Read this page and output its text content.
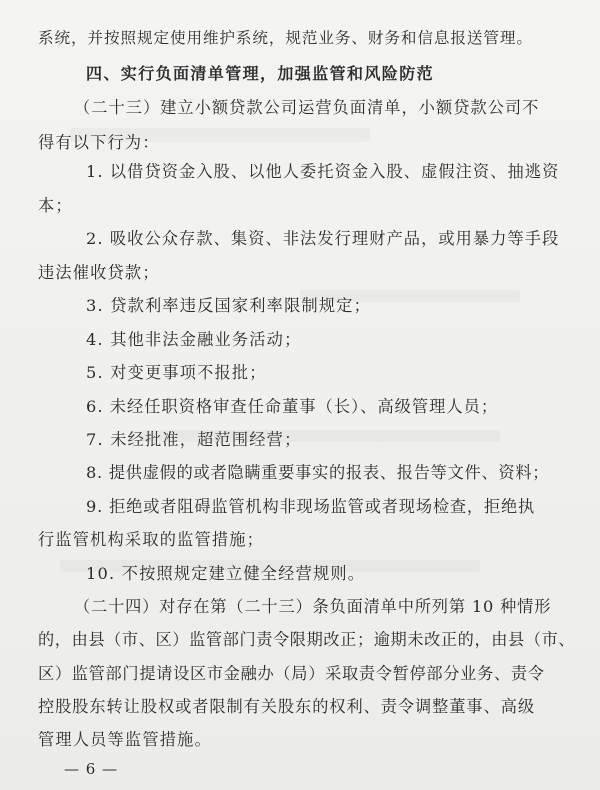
系统，并按照规定使用维护系统，规范业务、财务和信息报送管理。
四、实行负面清单管理，加强监管和风险防范
（二十三）建立小额贷款公司运营负面清单，小额贷款公司不
得有以下行为：
1. 以借贷资金入股、以他人委托资金入股、虚假注资、抽逃资
本；
2. 吸收公众存款、集资、非法发行理财产品，或用暴力等手段
违法催收贷款；
3. 贷款利率违反国家利率限制规定；
4. 其他非法金融业务活动；
5. 对变更事项不报批；
6. 未经任职资格审查任命董事（长）、高级管理人员；
7. 未经批准，超范围经营；
8. 提供虚假的或者隐瞒重要事实的报表、报告等文件、资料；
9. 拒绝或者阻碍监管机构非现场监管或者现场检查，拒绝执
行监管机构采取的监管措施；
10. 不按照规定建立健全经营规则。
（二十四）对存在第（二十三）条负面清单中所列第 10 种情形
的，由县（市、区）监管部门责令限期改正；逾期未改正的，由县（市、
区）监管部门提请设区市金融办（局）采取责令暂停部分业务、责令
控股股东转让股权或者限制有关股东的权利、责令调整董事、高级
管理人员等监管措施。
— 6 —
